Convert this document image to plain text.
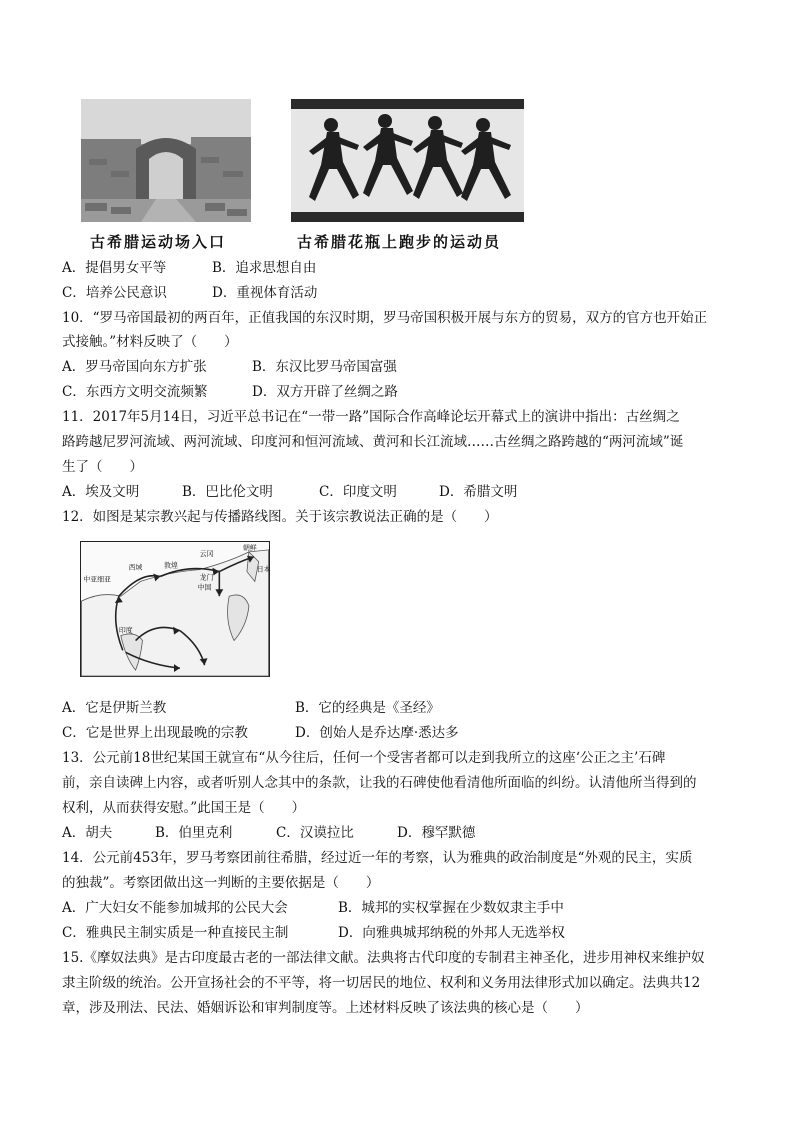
古希腊运动场入口	古希腊花瓶上跑步的运动员
A．提倡男女平等	B．追求思想自由
C．培养公民意识	D．重视体育活动
10．“罗马帝国最初的两百年，正值我国的东汉时期，罗马帝国积极开展与东方的贸易，双方的官方也开始正
式接触。”材料反映了（　　）
A．罗马帝国向东方扩张	B．东汉比罗马帝国富强
C．东西方文明交流频繁	D．双方开辟了丝绸之路
11．2017年5月14日，习近平总书记在“一带一路”国际合作高峰论坛开幕式上的演讲中指出：古丝绸之
路跨越尼罗河流域、两河流域、印度河和恒河流域、黄河和长江流域……古丝绸之路跨越的“两河流域”诞
生了（　　）
A．埃及文明	B．巴比伦文明	C．印度文明	D．希腊文明
12．如图是某宗教兴起与传播路线图。关于该宗教说法正确的是（　　）
中亚细亚
西域	敦煌
云冈
龙门
中国
朝鲜
日本
印度
A．它是伊斯兰教	B．它的经典是《圣经》
C．它是世界上出现最晚的宗教	D．创始人是乔达摩·悉达多
13．公元前18世纪某国王就宣布“从今往后，任何一个受害者都可以走到我所立的这座‘公正之主’石碑
前，亲自读碑上内容，或者听别人念其中的条款，让我的石碑使他看清他所面临的纠纷。认清他所当得到的
权利，从而获得安慰。”此国王是（　　）
A．胡夫	B．伯里克利	C．汉谟拉比	D．穆罕默德
14．公元前453年，罗马考察团前往希腊，经过近一年的考察，认为雅典的政治制度是“外观的民主，实质
的独裁”。考察团做出这一判断的主要依据是（　　）
A．广大妇女不能参加城邦的公民大会	B．城邦的实权掌握在少数奴隶主手中
C．雅典民主制实质是一种直接民主制	D．向雅典城邦纳税的外邦人无选举权
15.《摩奴法典》是古印度最古老的一部法律文献。法典将古代印度的专制君主神圣化，进步用神权来维护奴
隶主阶级的统治。公开宣扬社会的不平等，将一切居民的地位、权利和义务用法律形式加以确定。法典共12
章，涉及刑法、民法、婚姻诉讼和审判制度等。上述材料反映了该法典的核心是（　　）
